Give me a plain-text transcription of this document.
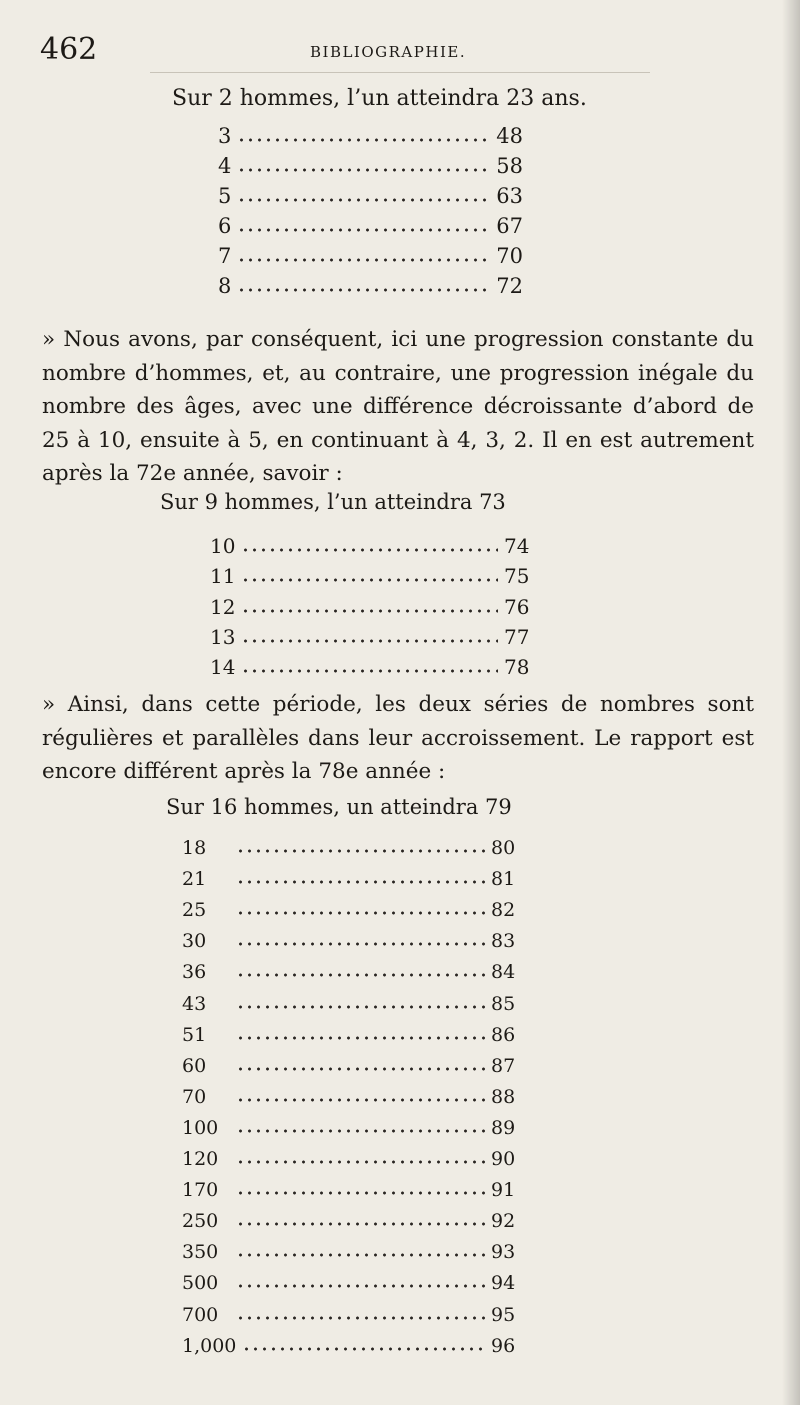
462	BIBLIOGRAPHIE.
Sur 2 hommes, l’un atteindra 23 ans.
3	48
4	58
5	63
6	67
7	70
8	72
» Nous avons, par conséquent, ici une progression constante du nombre d’hommes, et, au contraire, une progression inégale du nombre des âges, avec une différence décroissante d’abord de 25 à 10, ensuite à 5, en continuant à 4, 3, 2. Il en est autrement après la 72e année, savoir :
Sur 9 hommes, l’un atteindra 73
10	74
11	75
12	76
13	77
14	78
» Ainsi, dans cette période, les deux séries de nombres sont régulières et parallèles dans leur accroissement. Le rapport est encore différent après la 78e année :
Sur 16 hommes, un atteindra 79
18	80
21	81
25	82
30	83
36	84
43	85
51	86
60	87
70	88
100	89
120	90
170	91
250	92
350	93
500	94
700	95
1,000	96
